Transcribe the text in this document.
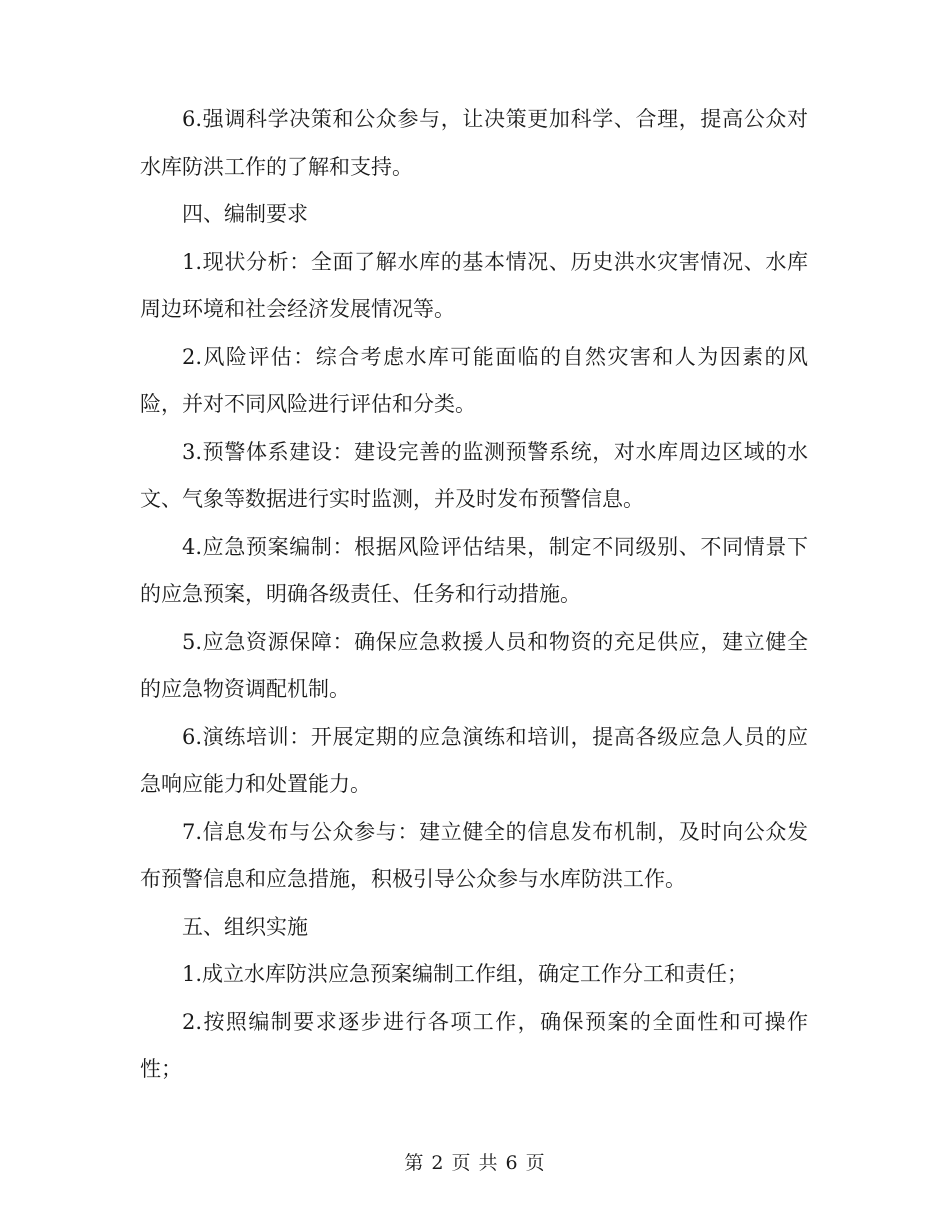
6.强调科学决策和公众参与，让决策更加科学、合理，提高公众对水库防洪工作的了解和支持。

四、编制要求

1.现状分析：全面了解水库的基本情况、历史洪水灾害情况、水库周边环境和社会经济发展情况等。

2.风险评估：综合考虑水库可能面临的自然灾害和人为因素的风险，并对不同风险进行评估和分类。

3.预警体系建设：建设完善的监测预警系统，对水库周边区域的水文、气象等数据进行实时监测，并及时发布预警信息。

4.应急预案编制：根据风险评估结果，制定不同级别、不同情景下的应急预案，明确各级责任、任务和行动措施。

5.应急资源保障：确保应急救援人员和物资的充足供应，建立健全的应急物资调配机制。

6.演练培训：开展定期的应急演练和培训，提高各级应急人员的应急响应能力和处置能力。

7.信息发布与公众参与：建立健全的信息发布机制，及时向公众发布预警信息和应急措施，积极引导公众参与水库防洪工作。

五、组织实施

1.成立水库防洪应急预案编制工作组，确定工作分工和责任；

2.按照编制要求逐步进行各项工作，确保预案的全面性和可操作性；

第 2 页 共 6 页
